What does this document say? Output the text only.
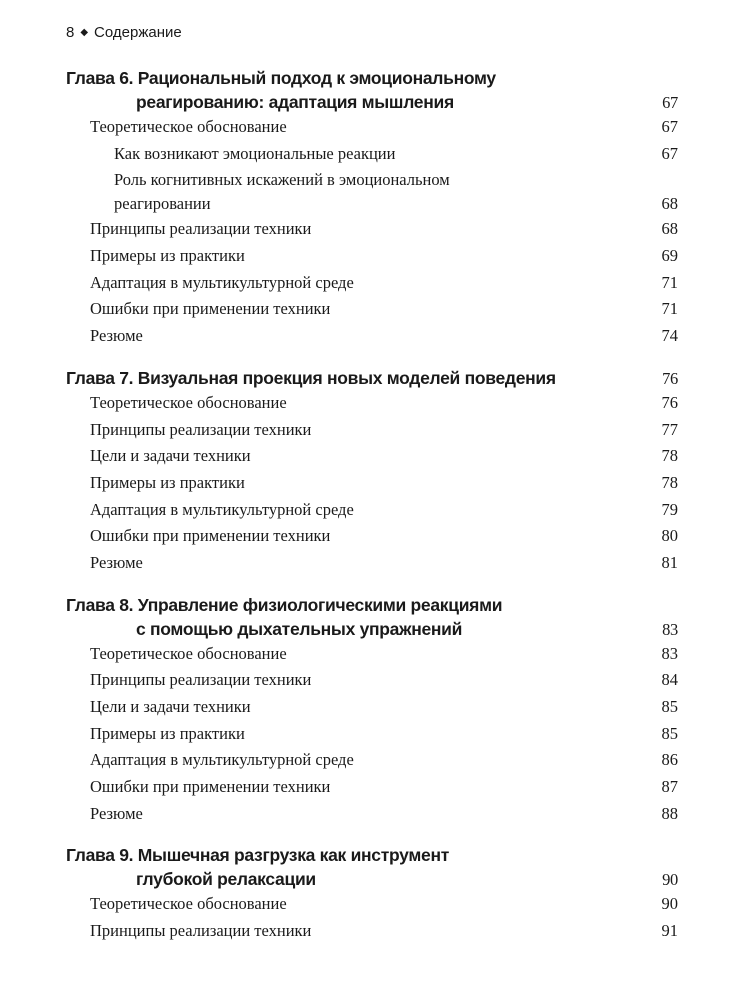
8 ◆ Содержание
Глава 6. Рациональный подход к эмоциональному
реагированию: адаптация мышления	67
Теоретическое обоснование	67
Как возникают эмоциональные реакции	67
Роль когнитивных искажений в эмоциональном
реагировании	68
Принципы реализации техники	68
Примеры из практики	69
Адаптация в мультикультурной среде	71
Ошибки при применении техники	71
Резюме	74
Глава 7. Визуальная проекция новых моделей поведения	76
Теоретическое обоснование	76
Принципы реализации техники	77
Цели и задачи техники	78
Примеры из практики	78
Адаптация в мультикультурной среде	79
Ошибки при применении техники	80
Резюме	81
Глава 8. Управление физиологическими реакциями
с помощью дыхательных упражнений	83
Теоретическое обоснование	83
Принципы реализации техники	84
Цели и задачи техники	85
Примеры из практики	85
Адаптация в мультикультурной среде	86
Ошибки при применении техники	87
Резюме	88
Глава 9. Мышечная разгрузка как инструмент
глубокой релаксации	90
Теоретическое обоснование	90
Принципы реализации техники	91
